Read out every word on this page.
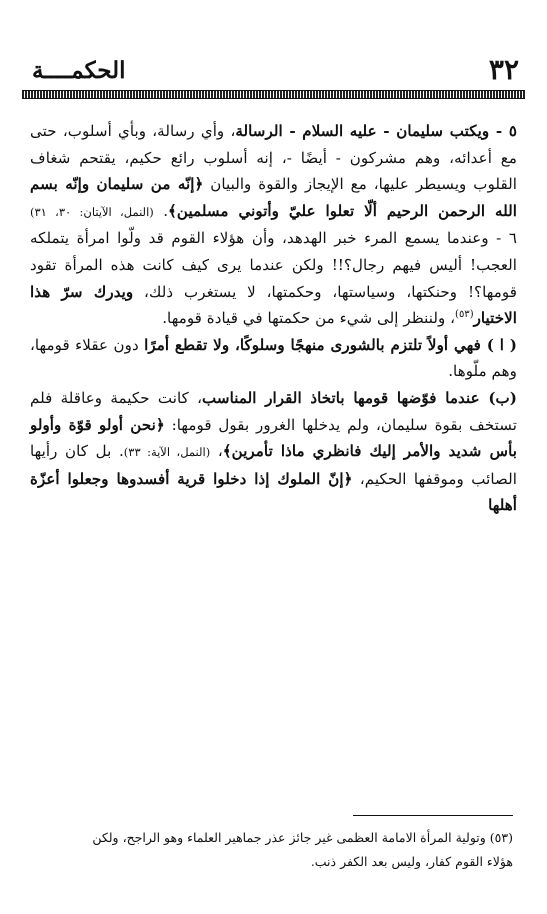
٣٢
الحكمــــة

٥ - ويكتب سليمان - عليه السلام - الرسالة، وأي رسالة، وبأي أسلوب، حتى مع أعدائه، وهم مشركون - أيضًا -، إنه أسلوب رائع حكيم، يقتحم شغاف القلوب ويسيطر عليها، مع الإيجاز والقوة والبيان ﴿إنّه من سليمان وإنّه بسم الله الرحمن الرحيم ألّا تعلوا عليّ وأتوني مسلمين﴾. (النمل، الآيتان: ٣٠، ٣١)

٦ - وعندما يسمع المرء خبر الهدهد، وأن هؤلاء القوم قد ولّوا امرأة يتملكه العجب! أليس فيهم رجال؟!! ولكن عندما يرى كيف كانت هذه المرأة تقود قومها؟! وحنكتها، وسياستها، وحكمتها، لا يستغرب ذلك، ويدرك سرّ هذا الاختيار$^{(٥٣)}$، ولننظر إلى شيء من حكمتها في قيادة قومها.

( ا ) فهي أولاً تلتزم بالشورى منهجًا وسلوكًا، ولا تقطع أمرًا دون عقلاء قومها، وهم ملّوها.

(ب) عندما فوّضها قومها باتخاذ القرار المناسب، كانت حكيمة وعاقلة فلم تستخف بقوة سليمان، ولم يدخلها الغرور بقول قومها: ﴿نحن أولو قوّة وأولو بأس شديد والأمر إليك فانظري ماذا تأمرين﴾، (النمل، الآية: ٣٣). بل كان رأيها الصائب وموقفها الحكيم، ﴿إنّ الملوك إذا دخلوا قرية أفسدوها وجعلوا أعزّة أهلها

(٥٣) وتولية المرأة الامامة العظمى غير جائز عذر جماهير العلماء وهو الراجح، ولكن

هؤلاء القوم كفار، وليس بعد الكفر ذنب.
